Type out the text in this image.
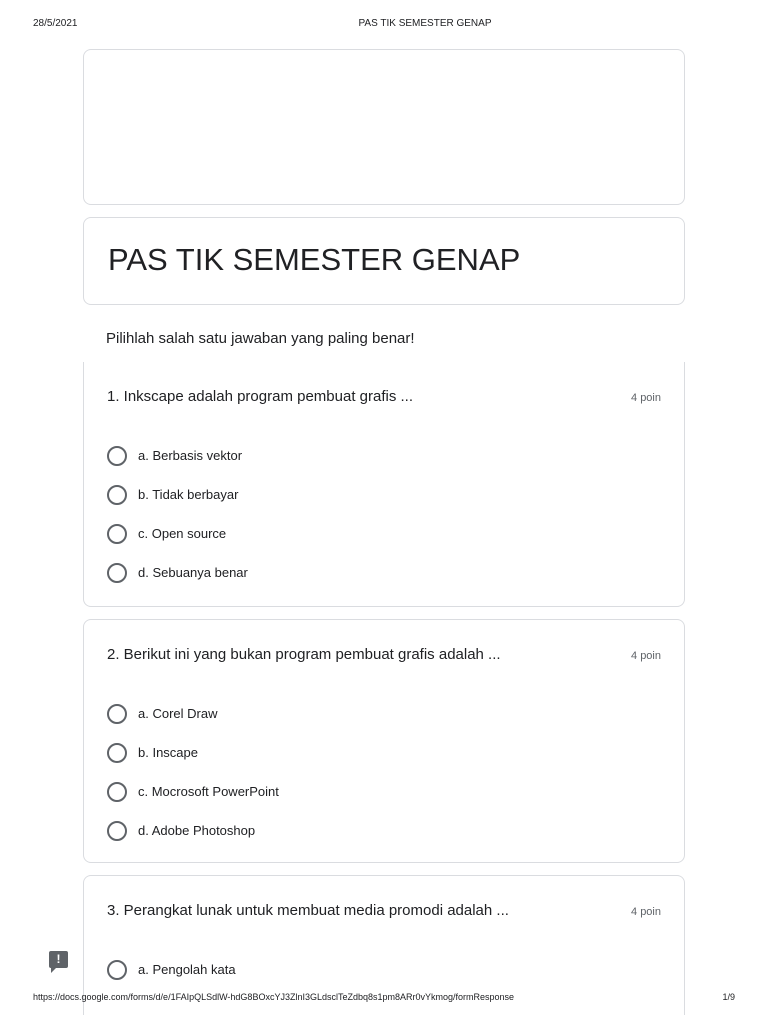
28/5/2021	PAS TIK SEMESTER GENAP
PAS TIK SEMESTER GENAP
Pilihlah salah satu jawaban yang paling benar!
1. Inkscape adalah program pembuat grafis ...	4 poin
a. Berbasis vektor
b. Tidak berbayar
c. Open source
d. Sebuanya benar
2. Berikut ini yang bukan program pembuat grafis adalah ...	4 poin
a. Corel Draw
b. Inscape
c. Mocrosoft PowerPoint
d. Adobe Photoshop
3. Perangkat lunak untuk membuat media promodi adalah ...	4 poin
a. Pengolah kata
!
https://docs.google.com/forms/d/e/1FAIpQLSdlW-hdG8BOxcYJ3ZlnI3GLdsclTeZdbq8s1pm8ARr0vYkmog/formResponse	1/9
